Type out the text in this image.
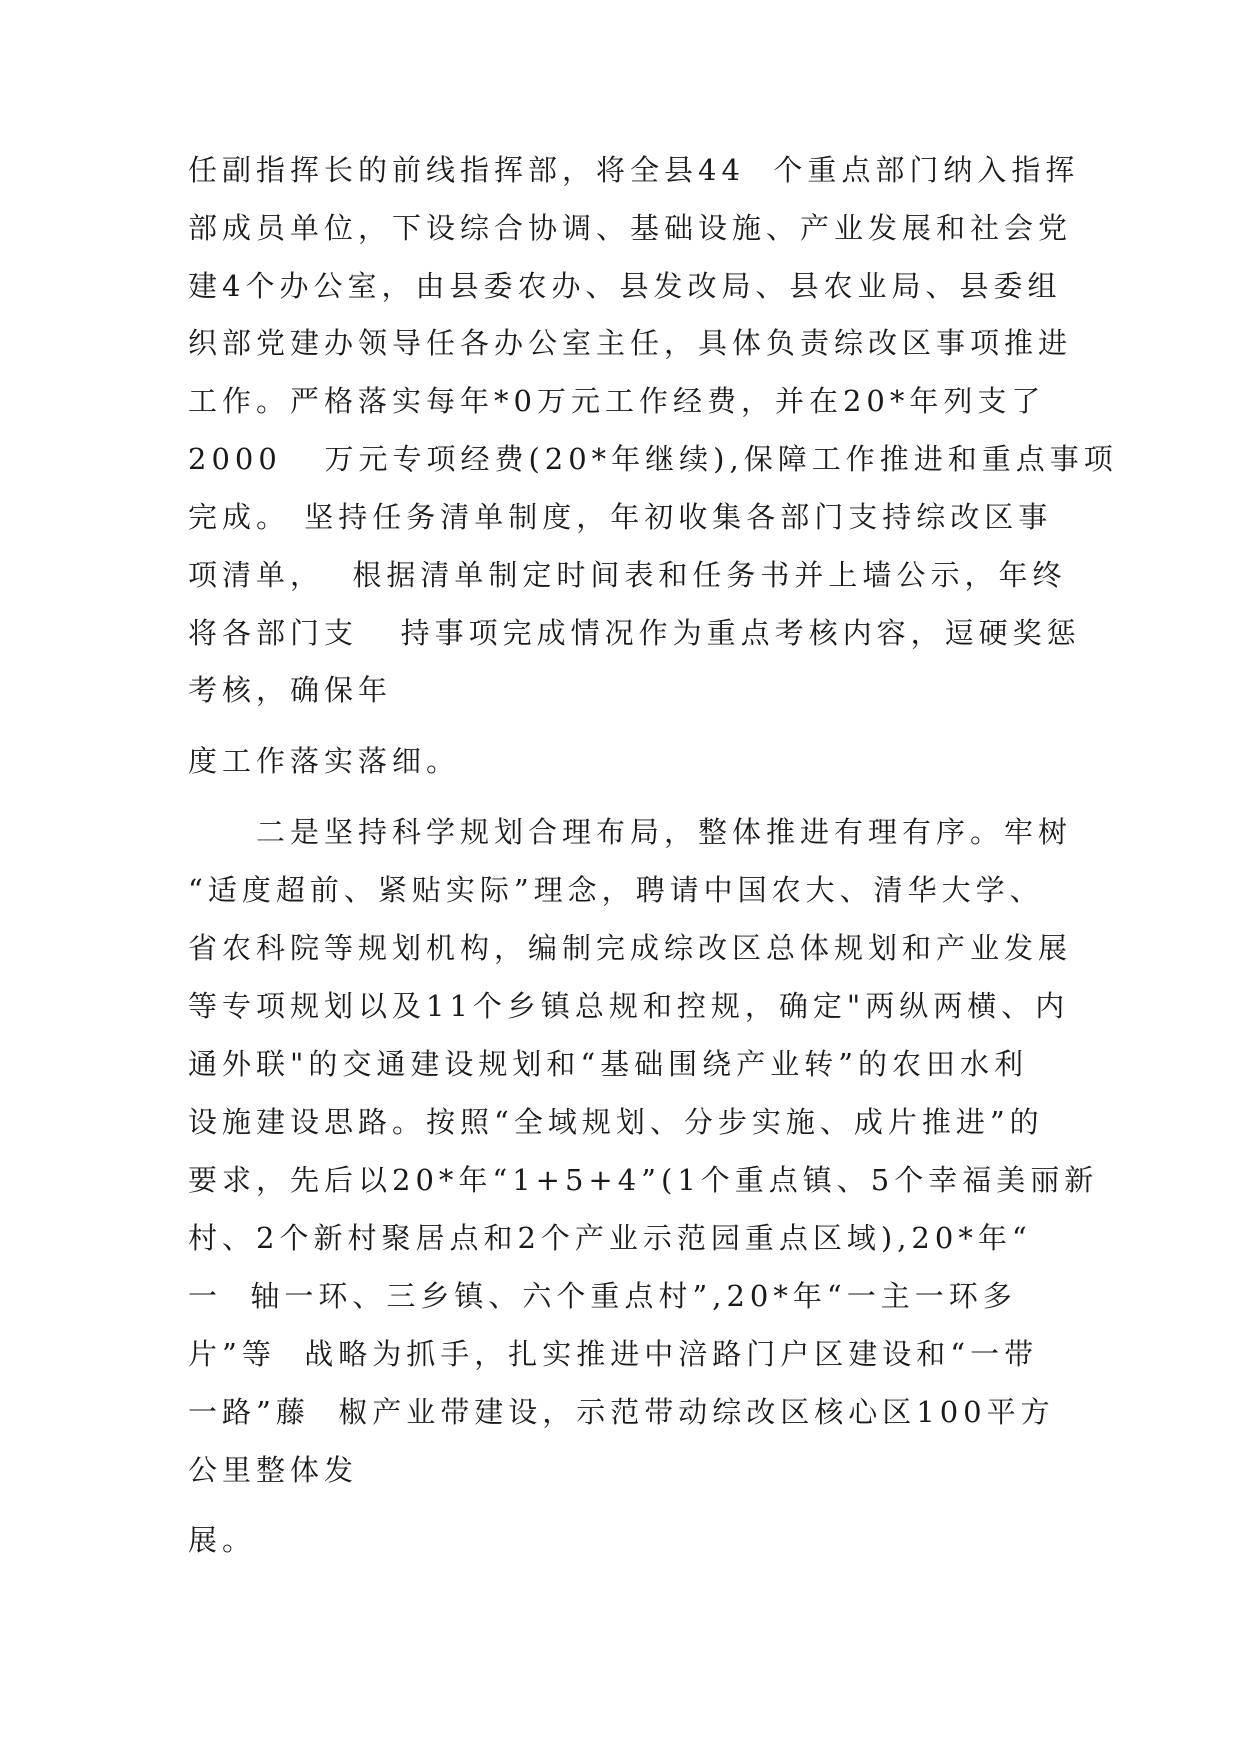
任副指挥长的前线指挥部，将全县44  个重点部门纳入指挥
部成员单位，下设综合协调、基础设施、产业发展和社会党
建4个办公室，由县委农办、县发改局、县农业局、县委组
织部党建办领导任各办公室主任，具体负责综改区事项推进
工作。严格落实每年*0万元工作经费，并在20*年列支了
2000   万元专项经费(20*年继续),保障工作推进和重点事项
完成。 坚持任务清单制度，年初收集各部门支持综改区事
项清单，  根据清单制定时间表和任务书并上墙公示，年终
将各部门支   持事项完成情况作为重点考核内容，逗硬奖惩
考核，确保年
度工作落实落细。
　　二是坚持科学规划合理布局，整体推进有理有序。牢树
“适度超前、紧贴实际”理念，聘请中国农大、清华大学、
省农科院等规划机构，编制完成综改区总体规划和产业发展
等专项规划以及11个乡镇总规和控规，确定"两纵两横、内
通外联"的交通建设规划和“基础围绕产业转”的农田水利
设施建设思路。按照“全域规划、分步实施、成片推进”的
要求，先后以20*年“1+5+4”(1个重点镇、5个幸福美丽新
村、2个新村聚居点和2个产业示范园重点区域),20*年“
一  轴一环、三乡镇、六个重点村”,20*年“一主一环多
片”等  战略为抓手，扎实推进中涪路门户区建设和“一带
一路”藤  椒产业带建设，示范带动综改区核心区100平方
公里整体发
展。
